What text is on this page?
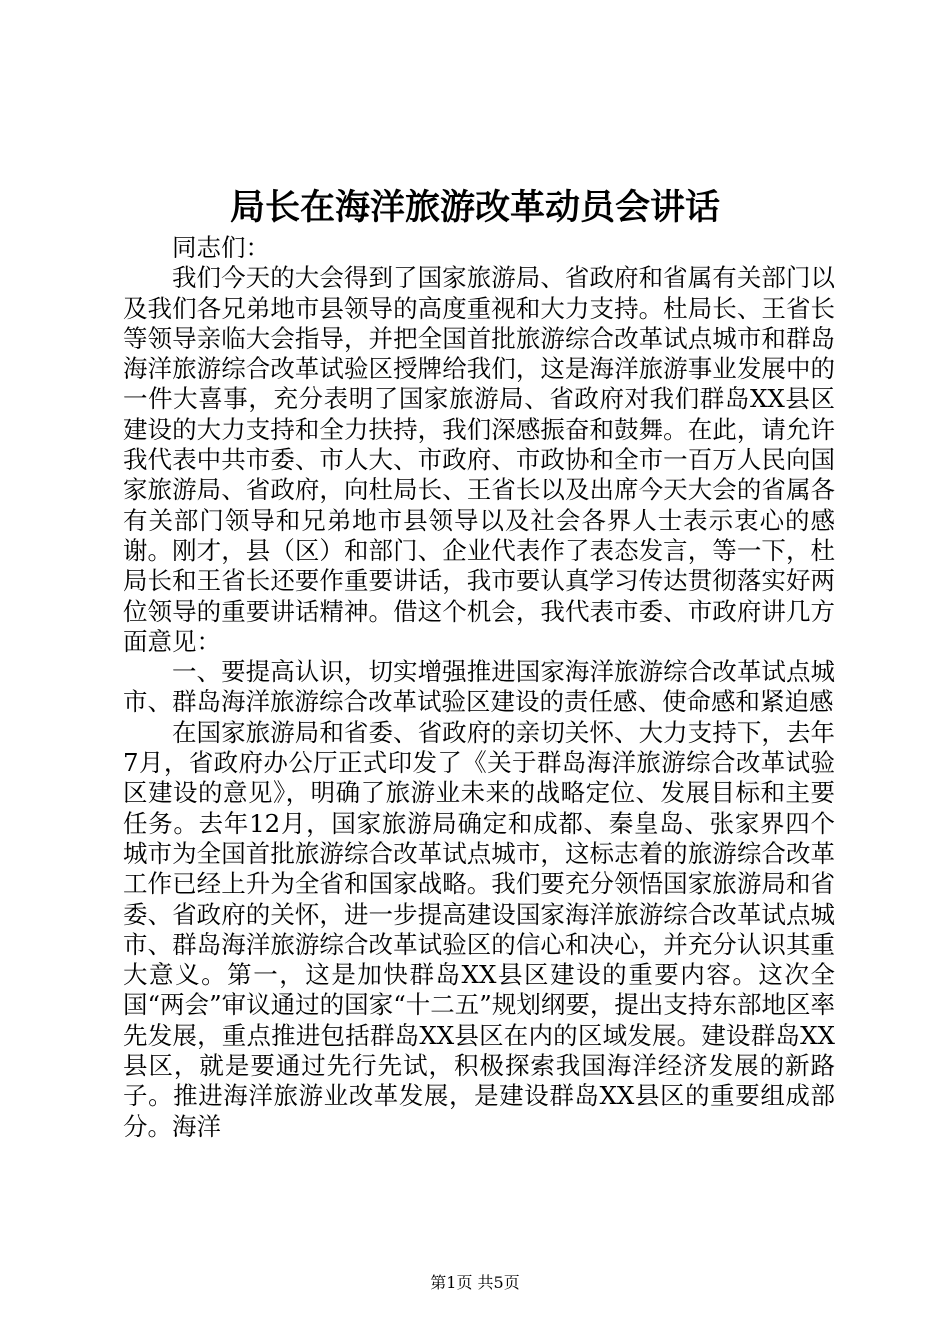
局长在海洋旅游改革动员会讲话

同志们：

我们今天的大会得到了国家旅游局、省政府和省属有关部门以及我们各兄弟地市县领导的高度重视和大力支持。杜局长、王省长等领导亲临大会指导，并把全国首批旅游综合改革试点城市和群岛海洋旅游综合改革试验区授牌给我们，这是海洋旅游事业发展中的一件大喜事，充分表明了国家旅游局、省政府对我们群岛XX县区建设的大力支持和全力扶持，我们深感振奋和鼓舞。在此，请允许我代表中共市委、市人大、市政府、市政协和全市一百万人民向国家旅游局、省政府，向杜局长、王省长以及出席今天大会的省属各有关部门领导和兄弟地市县领导以及社会各界人士表示衷心的感谢。刚才，县（区）和部门、企业代表作了表态发言，等一下，杜局长和王省长还要作重要讲话，我市要认真学习传达贯彻落实好两位领导的重要讲话精神。借这个机会，我代表市委、市政府讲几方面意见：

一、要提高认识，切实增强推进国家海洋旅游综合改革试点城市、群岛海洋旅游综合改革试验区建设的责任感、使命感和紧迫感

在国家旅游局和省委、省政府的亲切关怀、大力支持下，去年7月，省政府办公厅正式印发了《关于群岛海洋旅游综合改革试验区建设的意见》，明确了旅游业未来的战略定位、发展目标和主要任务。去年12月，国家旅游局确定和成都、秦皇岛、张家界四个城市为全国首批旅游综合改革试点城市，这标志着的旅游综合改革工作已经上升为全省和国家战略。我们要充分领悟国家旅游局和省委、省政府的关怀，进一步提高建设国家海洋旅游综合改革试点城市、群岛海洋旅游综合改革试验区的信心和决心，并充分认识其重大意义。第一，这是加快群岛XX县区建设的重要内容。这次全国“两会”审议通过的国家“十二五”规划纲要，提出支持东部地区率先发展，重点推进包括群岛XX县区在内的区域发展。建设群岛XX县区，就是要通过先行先试，积极探索我国海洋经济发展的新路子。推进海洋旅游业改革发展，是建设群岛XX县区的重要组成部分。海洋

第1页 共5页
